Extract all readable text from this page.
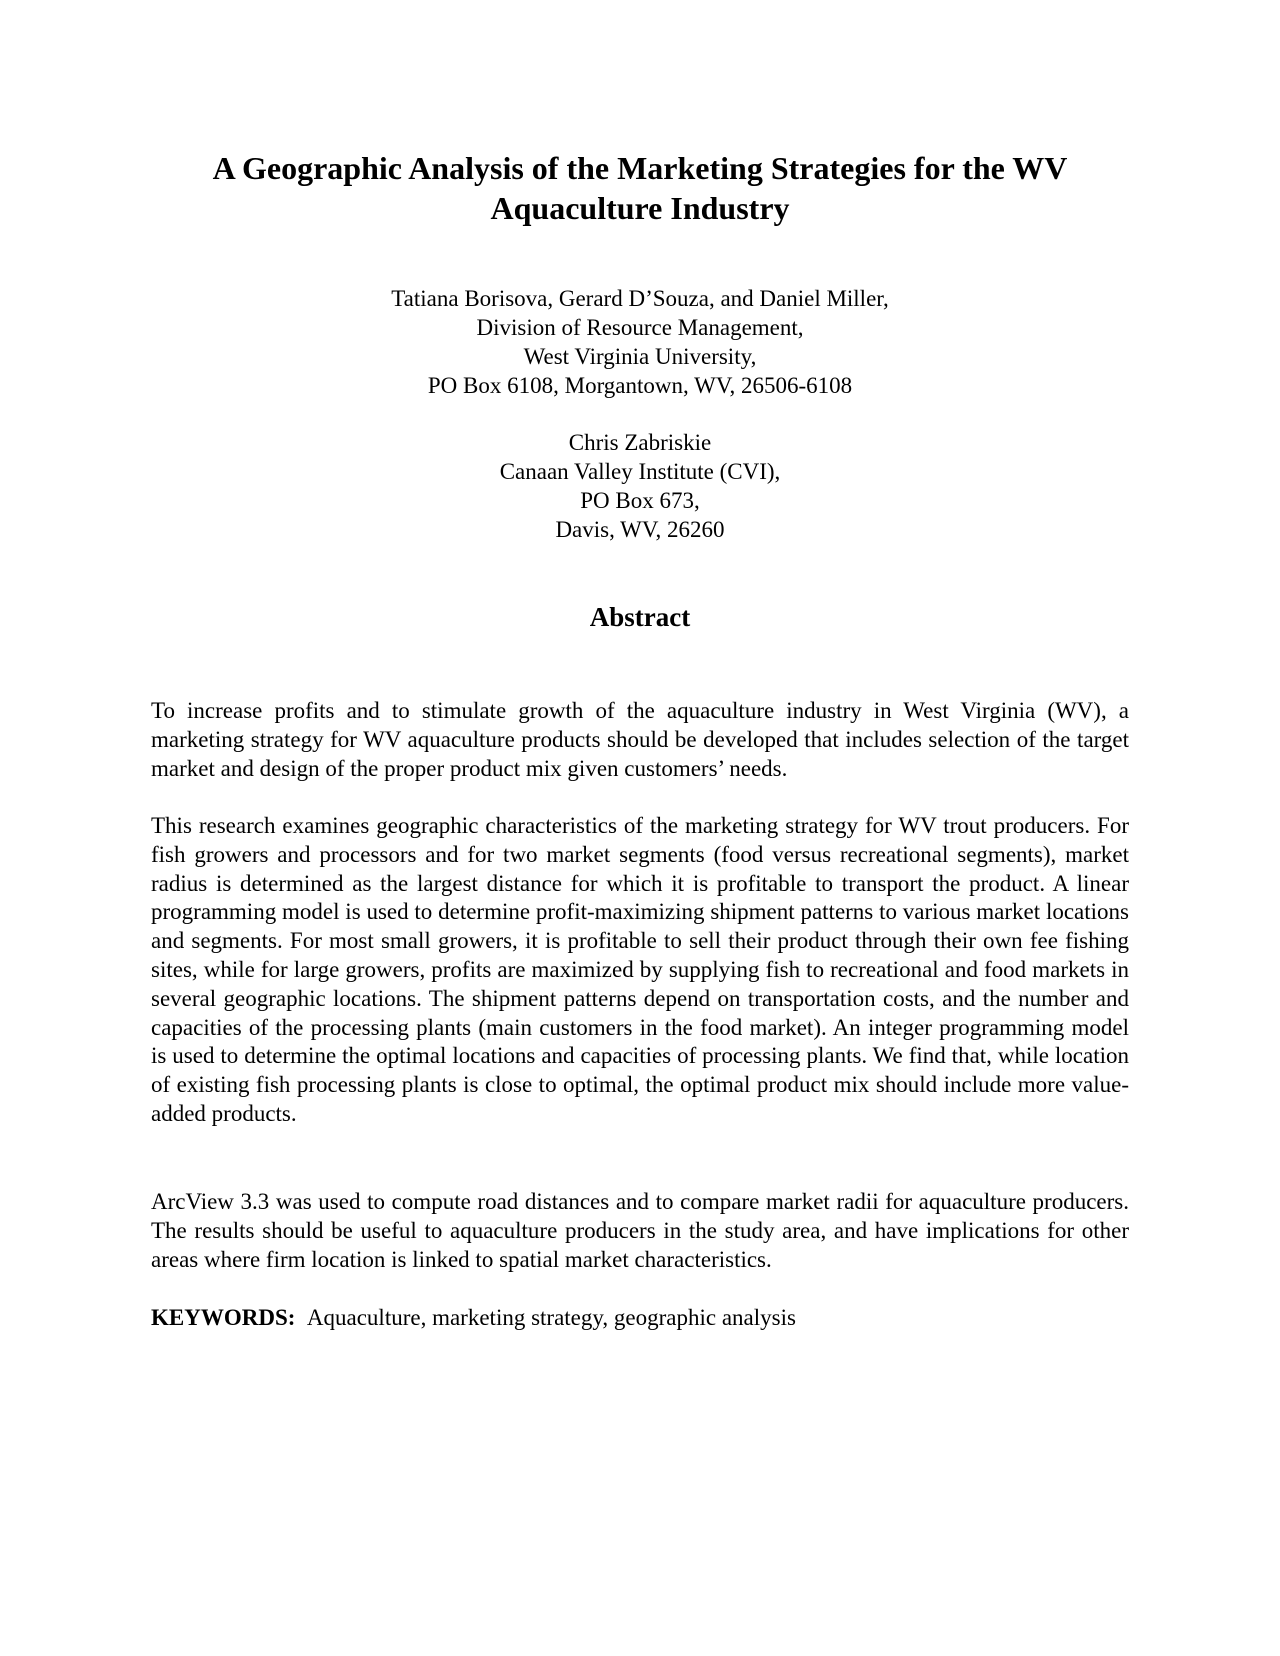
A Geographic Analysis of the Marketing Strategies for the WV Aquaculture Industry
Tatiana Borisova, Gerard D’Souza, and Daniel Miller,
Division of Resource Management,
West Virginia University,
PO Box 6108, Morgantown, WV, 26506-6108
Chris Zabriskie
Canaan Valley Institute (CVI),
PO Box 673,
Davis, WV, 26260
Abstract

To increase profits and to stimulate growth of the aquaculture industry in West Virginia (WV), a marketing strategy for WV aquaculture products should be developed that includes selection of the target market and design of the proper product mix given customers’ needs.

This research examines geographic characteristics of the marketing strategy for WV trout producers. For fish growers and processors and for two market segments (food versus recreational segments), market radius is determined as the largest distance for which it is profitable to transport the product. A linear programming model is used to determine profit-maximizing shipment patterns to various market locations and segments. For most small growers, it is profitable to sell their product through their own fee fishing sites, while for large growers, profits are maximized by supplying fish to recreational and food markets in several geographic locations. The shipment patterns depend on transportation costs, and the number and capacities of the processing plants (main customers in the food market). An integer programming model is used to determine the optimal locations and capacities of processing plants. We find that, while location of existing fish processing plants is close to optimal, the optimal product mix should include more value-added products.

ArcView 3.3 was used to compute road distances and to compare market radii for aquaculture producers. The results should be useful to aquaculture producers in the study area, and have implications for other areas where firm location is linked to spatial market characteristics.

KEYWORDS: Aquaculture, marketing strategy, geographic analysis
